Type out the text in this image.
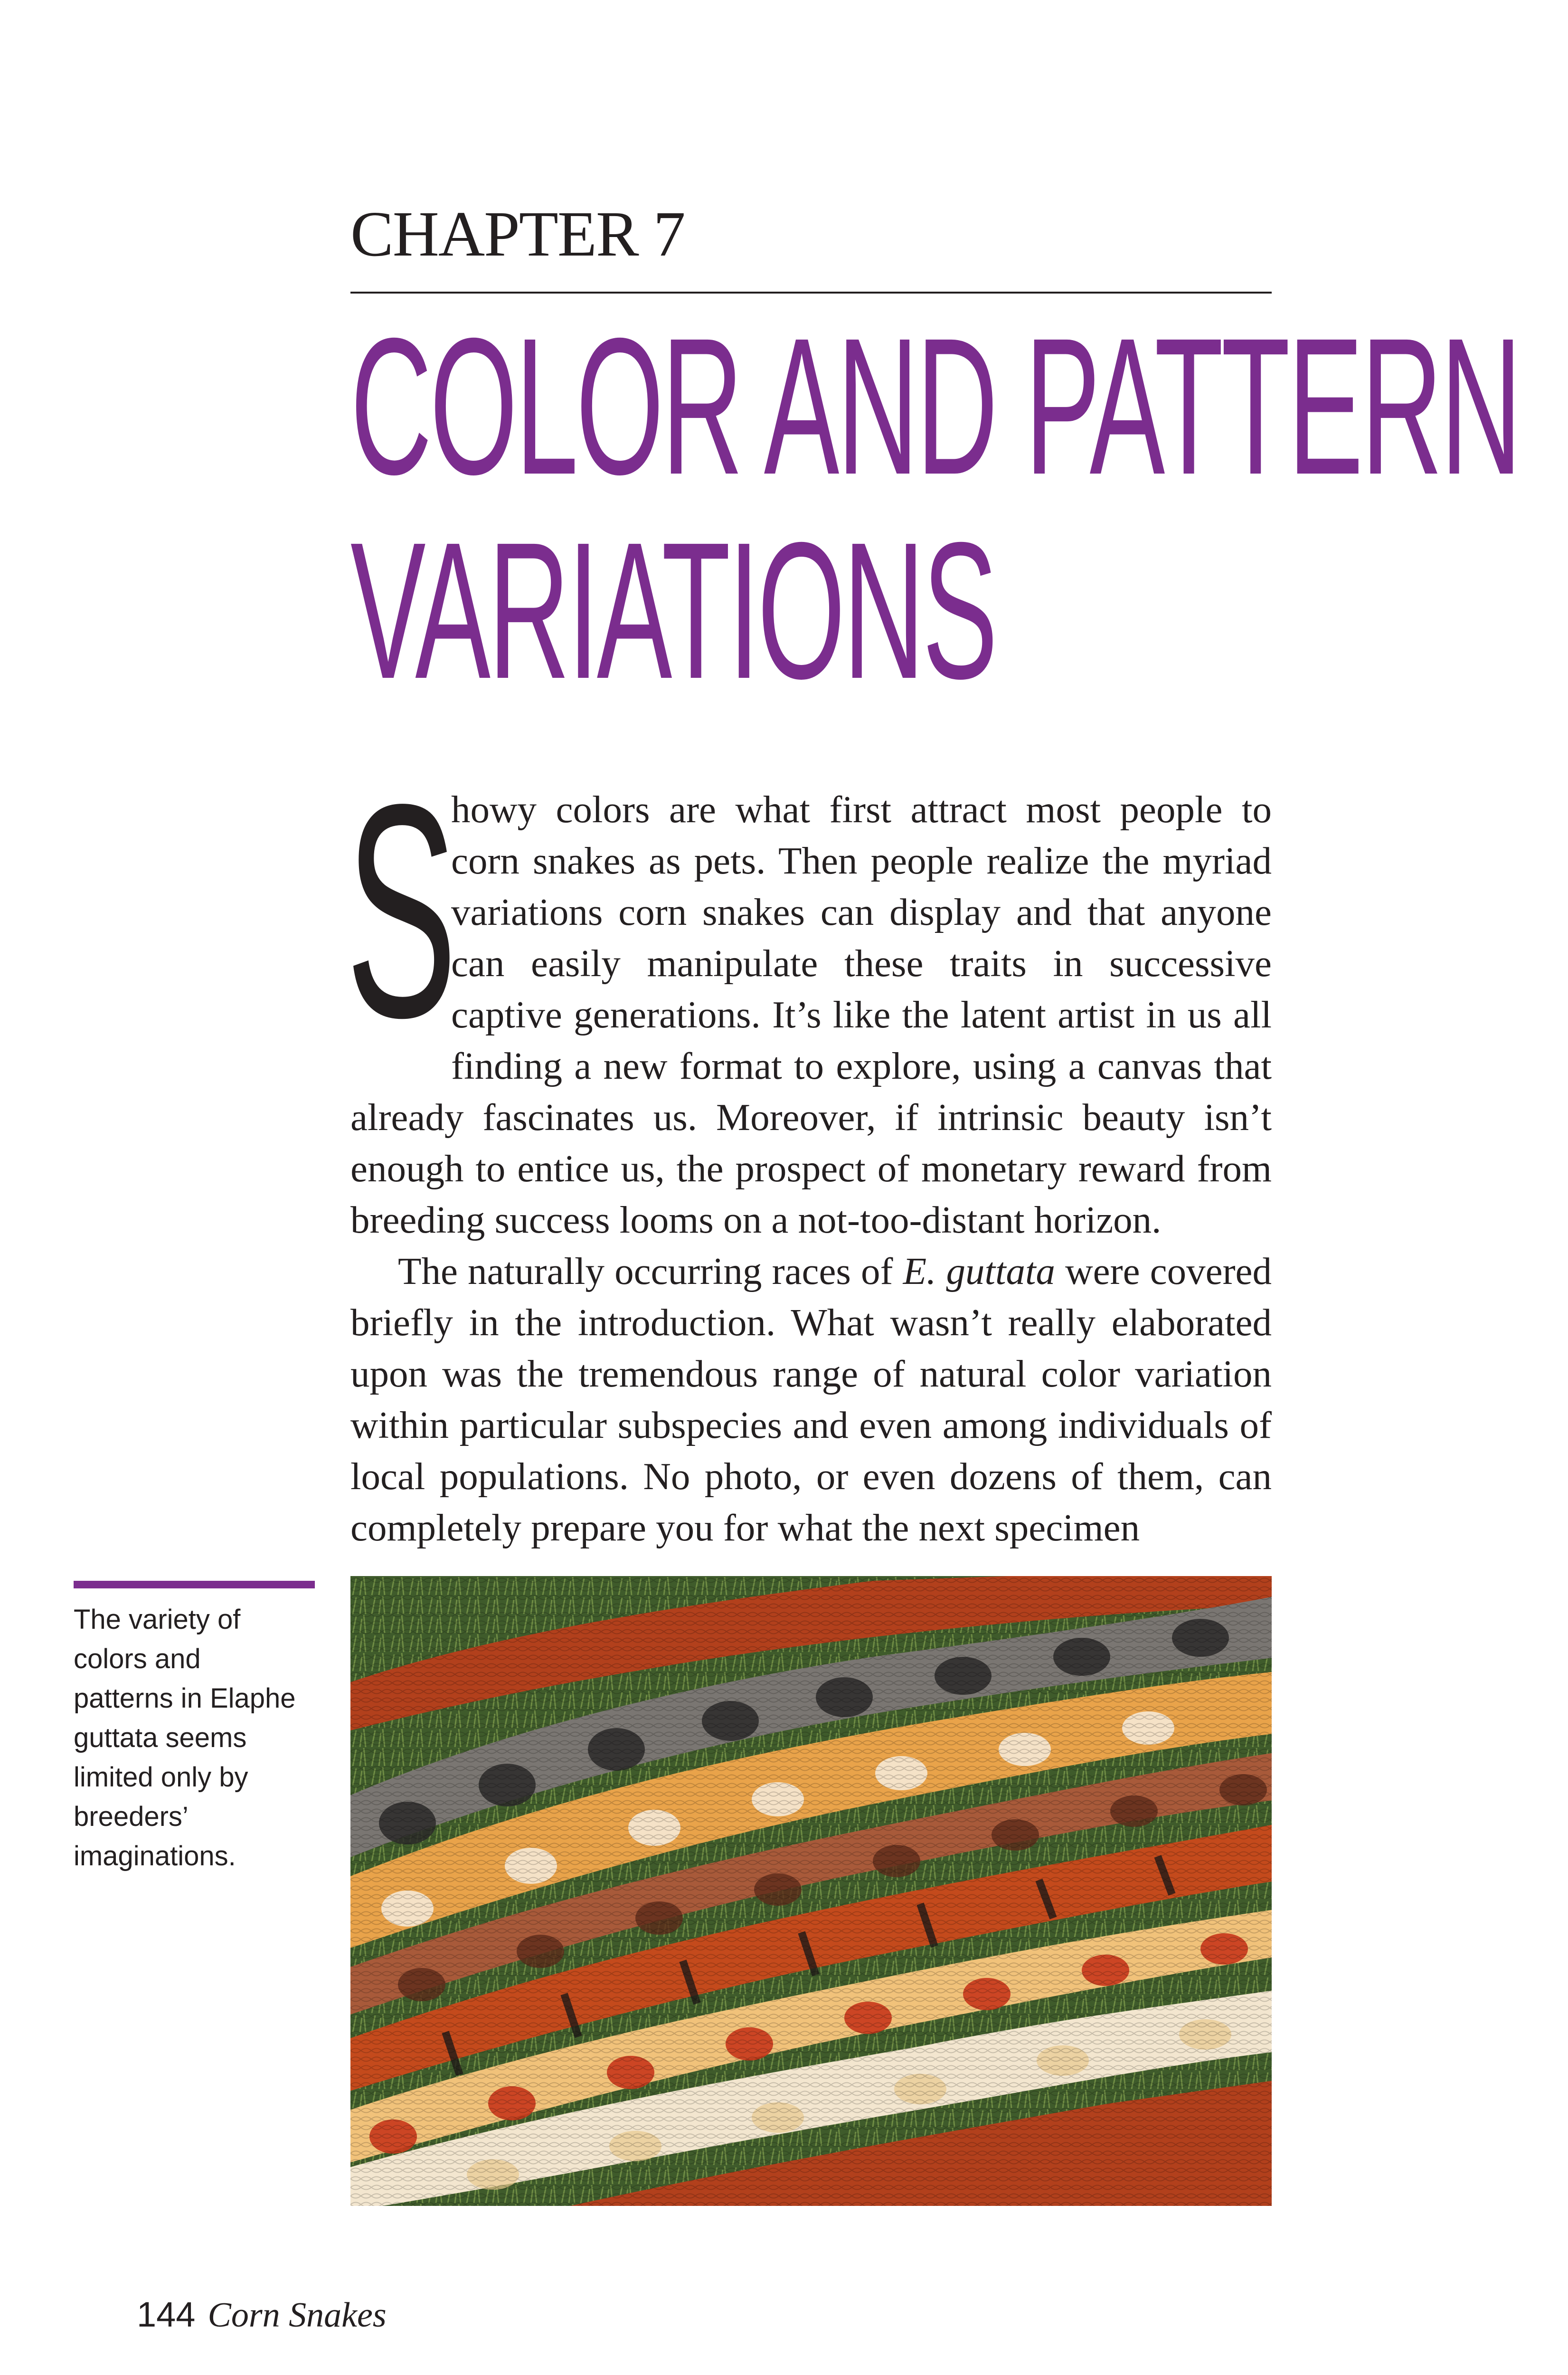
CHAPTER 7
COLOR AND PATTERN
VARIATIONS

S
howy colors are what first attract most people to corn snakes as pets. Then people realize the myriad variations corn snakes can display and that anyone can easily manipulate these traits in successive captive generations. It’s like the latent artist in us all finding a new format to explore, using a canvas that already fascinates us. Moreover, if intrinsic beauty isn’t enough to entice us, the prospect of monetary reward from breeding success looms on a not-too-distant horizon.

The naturally occurring races of E. guttata were covered briefly in the introduction. What wasn’t really elaborated upon was the tremendous range of natural color variation within particular subspecies and even among individuals of local populations. No photo, or even dozens of them, can completely prepare you for what the next specimen

The variety of colors and patterns in Elaphe guttata seems limited only by breeders’ imaginations.
144 Corn Snakes
